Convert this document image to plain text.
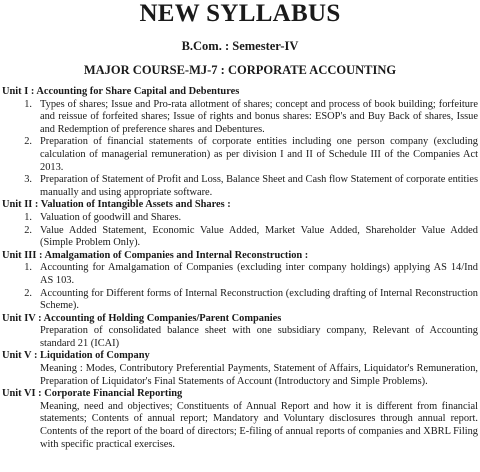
NEW SYLLABUS
B.Com. : Semester-IV
MAJOR COURSE-MJ-7 : CORPORATE ACCOUNTING
Unit I : Accounting for Share Capital and Debentures
1. Types of shares; Issue and Pro-rata allotment of shares; concept and process of book building; forfeiture and reissue of forfeited shares; Issue of rights and bonus shares: ESOP's and Buy Back of shares, Issue and Redemption of preference shares and Debentures.
2. Preparation of financial statements of corporate entities including one person company (excluding calculation of managerial remuneration) as per division I and II of Schedule III of the Companies Act 2013.
3. Preparation of Statement of Profit and Loss, Balance Sheet and Cash flow Statement of corporate entities manually and using appropriate software.
Unit II : Valuation of Intangible Assets and Shares :
1. Valuation of goodwill and Shares.
2. Value Added Statement, Economic Value Added, Market Value Added, Shareholder Value Added (Simple Problem Only).
Unit III : Amalgamation of Companies and Internal Reconstruction :
1. Accounting for Amalgamation of Companies (excluding inter company holdings) applying AS 14/Ind AS 103.
2. Accounting for Different forms of Internal Reconstruction (excluding drafting of Internal Reconstruction Scheme).
Unit IV : Accounting of Holding Companies/Parent Companies
Preparation of consolidated balance sheet with one subsidiary company, Relevant of Accounting standard 21 (ICAI)
Unit V : Liquidation of Company
Meaning : Modes, Contributory Preferential Payments, Statement of Affairs, Liquidator's Remuneration, Preparation of Liquidator's Final Statements of Account (Introductory and Simple Problems).
Unit VI : Corporate Financial Reporting
Meaning, need and objectives; Constituents of Annual Report and how it is different from financial statements; Contents of annual report; Mandatory and Voluntary disclosures through annual report. Contents of the report of the board of directors; E-filing of annual reports of companies and XBRL Filing with specific practical exercises.
